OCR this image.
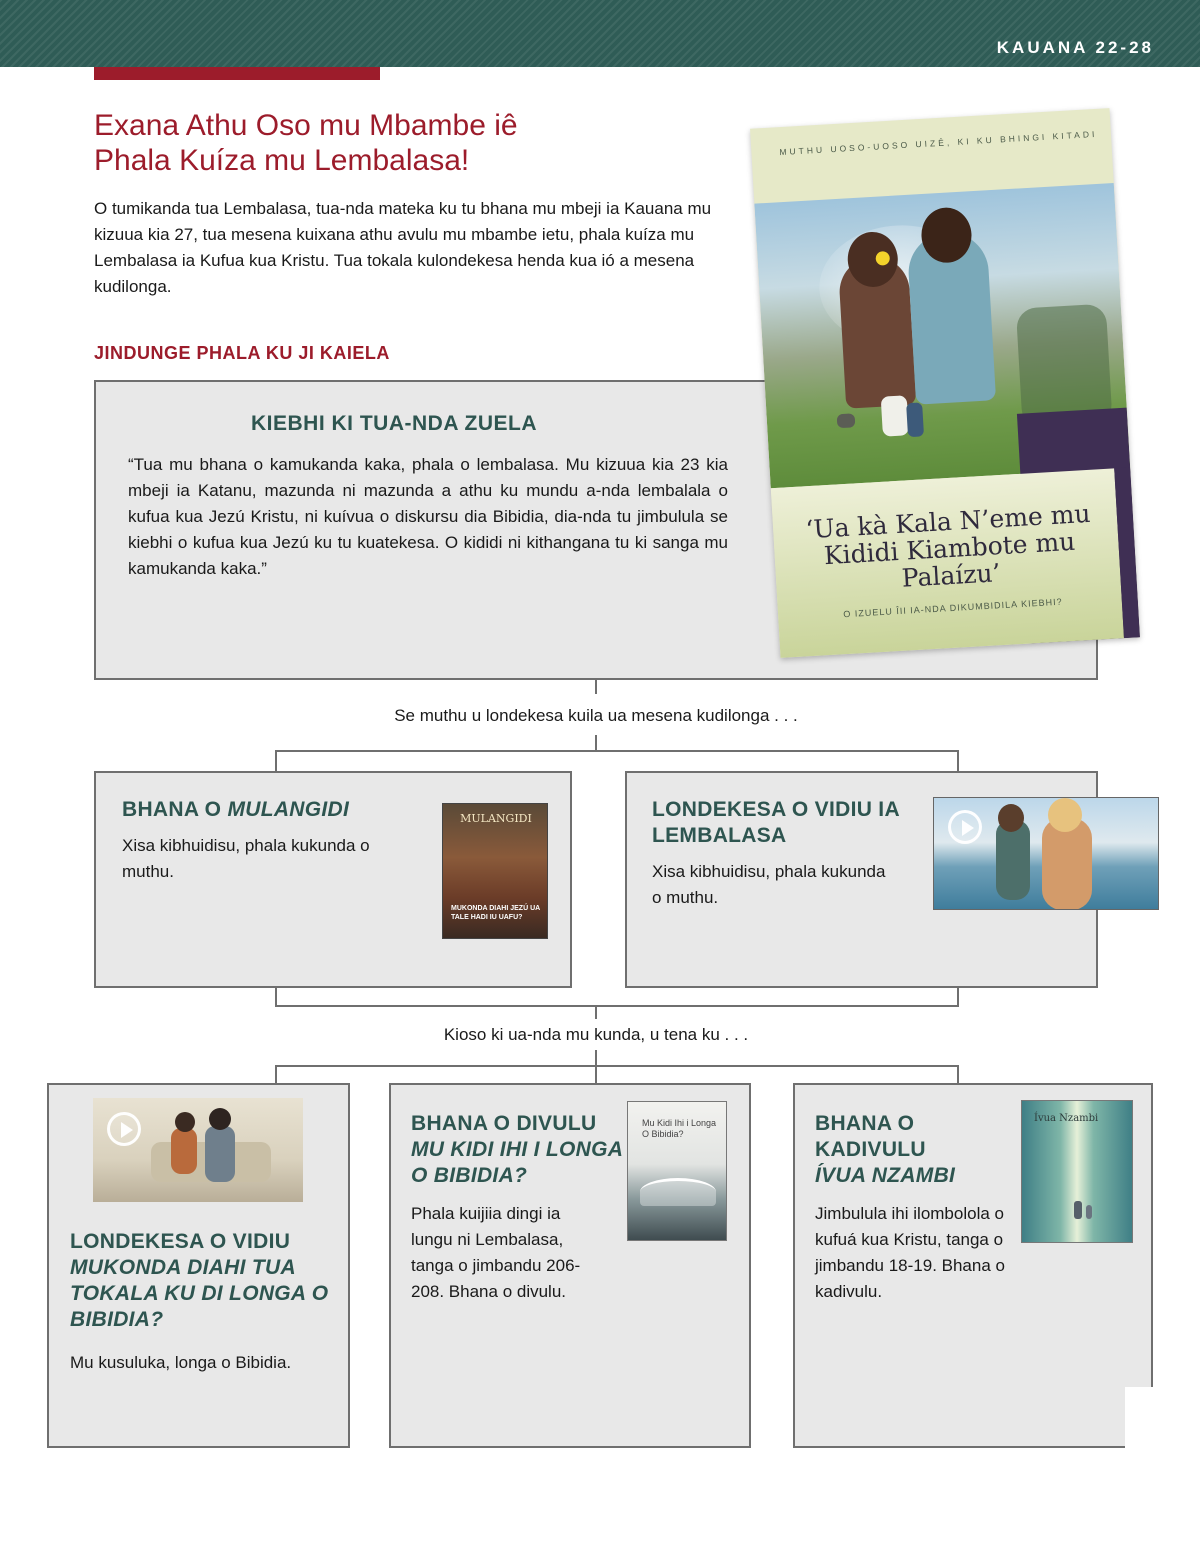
KAUANA 22-28
Exana Athu Oso mu Mbambe iê
Phala Kuíza mu Lembalasa!

O tumikanda tua Lembalasa, tua-nda mateka ku tu bhana mu mbeji ia Kauana mu kizuua kia 27, tua mesena kuixana athu avulu mu mbambe ietu, phala kuíza mu Lembalasa ia Kufua kua Kristu. Tua tokala kulondekesa henda kua ió a mesena kudilonga.

JINDUNGE PHALA KU JI KAIELA
KIEBHI KI TUA-NDA ZUELA

“Tua mu bhana o kamukanda kaka, phala o lembalasa. Mu kizuua kia 23 kia mbeji ia Katanu, mazunda ni mazunda a athu ku mundu a-nda lembalala o kufua kua Jezú Kristu, ni kuívua o diskursu dia Bibidia, dia-nda tu jimbulula se kiebhi o kufua kua Jezú ku tu kuatekesa. O kididi ni kithangana tu ki sanga mu kamukanda kaka.”

MUTHU UOSO-UOSO UIZÊ, KI KU BHINGI KITADI
‘Ua kà Kala N’eme mu Kididi Kiambote mu Palaízu’
O IZUELU ÎII IA-NDA DIKUMBIDILA KIEBHI?
Se muthu u londekesa kuila ua mesena kudilonga . . .
BHANA O MULANGIDI

Xisa kibhuidisu, phala kukunda o muthu.

MULANGIDI
MUKONDA DIAHI JEZÚ UA TALE HADI IU UAFU?
LONDEKESA O VIDIU IA LEMBALASA

Xisa kibhuidisu, phala kukunda o muthu.

Kioso ki ua-nda mu kunda, u tena ku . . .
LONDEKESA O VIDIU
MUKONDA DIAHI TUA TOKALA KU DI LONGA O BIBIDIA?

Mu kusuluka, longa o Bibidia.

BHANA O DIVULU
MU KIDI IHI I LONGA O BIBIDIA?

Phala kuijiia dingi ia lungu ni Lembalasa, tanga o jimbandu 206-208. Bhana o divulu.

Mu Kidi Ihi i Longa O Bibidia?	BHANA O KADIVULU
ÍVUA NZAMBI

Jimbulula ihi ilombolola o kufuá kua Kristu, tanga o jimbandu 18-19. Bhana o kadivulu.

Ívua Nzambi
